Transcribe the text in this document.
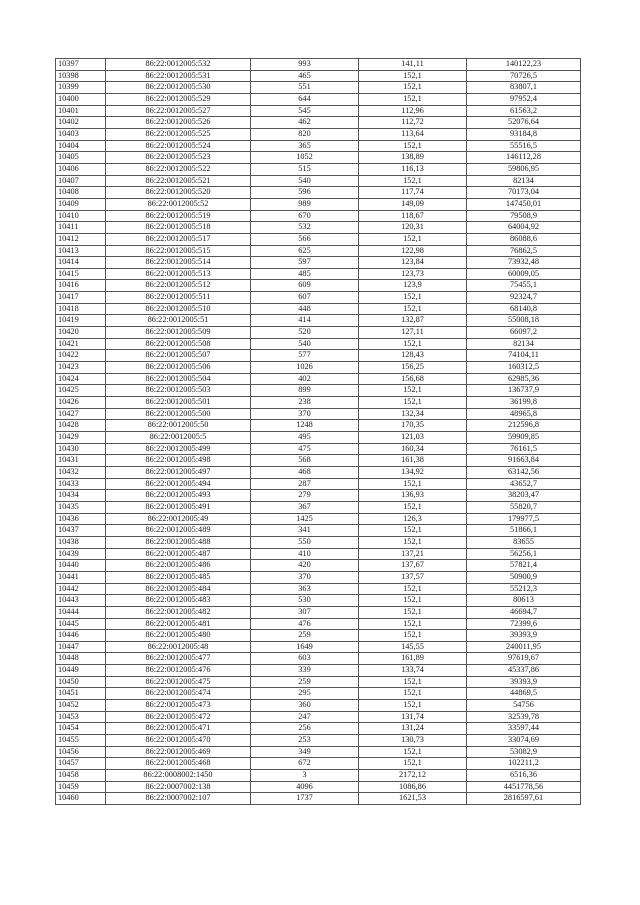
10397	86:22:0012005:532	993	141,11	140122,23
10398	86:22:0012005:531	465	152,1	70726,5
10399	86:22:0012005:530	551	152,1	83807,1
10400	86:22:0012005:529	644	152,1	97952,4
10401	86:22:0012005:527	545	112,96	61563,2
10402	86:22:0012005:526	462	112,72	52076,64
10403	86:22:0012005:525	820	113,64	93184,8
10404	86:22:0012005:524	365	152,1	55516,5
10405	86:22:0012005:523	1052	138,89	146112,28
10406	86:22:0012005:522	515	116,13	59806,95
10407	86:22:0012005:521	540	152,1	82134
10408	86:22:0012005:520	596	117,74	70173,04
10409	86:22:0012005:52	989	149,09	147450,01
10410	86:22:0012005:519	670	118,67	79508,9
10411	86:22:0012005:518	532	120,31	64004,92
10412	86:22:0012005:517	566	152,1	86088,6
10413	86:22:0012005:515	625	122,98	76862,5
10414	86:22:0012005:514	597	123,84	73932,48
10415	86:22:0012005:513	485	123,73	60009,05
10416	86:22:0012005:512	609	123,9	75455,1
10417	86:22:0012005:511	607	152,1	92324,7
10418	86:22:0012005:510	448	152,1	68140,8
10419	86:22:0012005:51	414	132,87	55008,18
10420	86:22:0012005:509	520	127,11	66097,2
10421	86:22:0012005:508	540	152,1	82134
10422	86:22:0012005:507	577	128,43	74104,11
10423	86:22:0012005:506	1026	156,25	160312,5
10424	86:22:0012005:504	402	156,68	62985,36
10425	86:22:0012005:503	899	152,1	136737,9
10426	86:22:0012005:501	238	152,1	36199,8
10427	86:22:0012005:500	370	132,34	48965,8
10428	86:22:0012005:50	1248	170,35	212596,8
10429	86:22:0012005:5	495	121,03	59909,85
10430	86:22:0012005:499	475	160,34	76161,5
10431	86:22:0012005:498	568	161,38	91663,84
10432	86:22:0012005:497	468	134,92	63142,56
10433	86:22:0012005:494	287	152,1	43652,7
10434	86:22:0012005:493	279	136,93	38203,47
10435	86:22:0012005:491	367	152,1	55820,7
10436	86:22:0012005:49	1425	126,3	179977,5
10437	86:22:0012005:489	341	152,1	51866,1
10438	86:22:0012005:488	550	152,1	83655
10439	86:22:0012005:487	410	137,21	56256,1
10440	86:22:0012005:486	420	137,67	57821,4
10441	86:22:0012005:485	370	137,57	50900,9
10442	86:22:0012005:484	363	152,1	55212,3
10443	86:22:0012005:483	530	152,1	80613
10444	86:22:0012005:482	307	152,1	46694,7
10445	86:22:0012005:481	476	152,1	72399,6
10446	86:22:0012005:480	259	152,1	39393,9
10447	86:22:0012005:48	1649	145,55	240011,95
10448	86:22:0012005:477	603	161,89	97619,67
10449	86:22:0012005:476	339	133,74	45337,86
10450	86:22:0012005:475	259	152,1	39393,9
10451	86:22:0012005:474	295	152,1	44869,5
10452	86:22:0012005:473	360	152,1	54756
10453	86:22:0012005:472	247	131,74	32539,78
10454	86:22:0012005:471	256	131,24	33597,44
10455	86:22:0012005:470	253	130,73	33074,69
10456	86:22:0012005:469	349	152,1	53082,9
10457	86:22:0012005:468	672	152,1	102211,2
10458	86:22:0008002:1450	3	2172,12	6516,36
10459	86:22:0007002:138	4096	1086,86	4451778,56
10460	86:22:0007002:107	1737	1621,53	2816597,61
